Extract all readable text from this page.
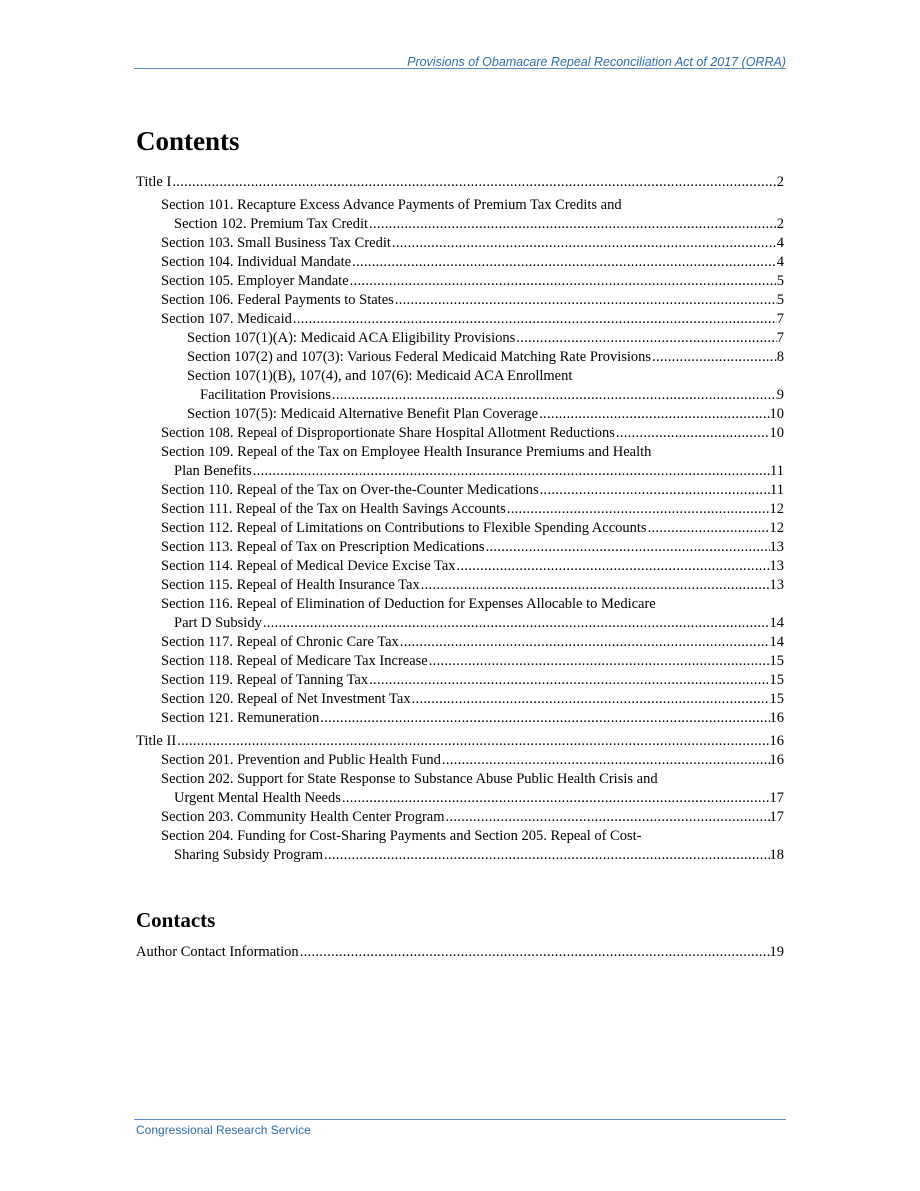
Provisions of Obamacare Repeal Reconciliation Act of 2017 (ORRA)
Contents
Title I .....	2
Section 101. Recapture Excess Advance Payments of Premium Tax Credits and
Section 102. Premium Tax Credit .....	2
Section 103. Small Business Tax Credit .....	4
Section 104. Individual Mandate .....	4
Section 105. Employer Mandate .....	5
Section 106. Federal Payments to States .....	5
Section 107. Medicaid .....	7
Section 107(1)(A): Medicaid ACA Eligibility Provisions .....	7
Section 107(2) and 107(3): Various Federal Medicaid Matching Rate Provisions .....	8
Section 107(1)(B), 107(4), and 107(6): Medicaid ACA Enrollment
Facilitation Provisions .....	9
Section 107(5): Medicaid Alternative Benefit Plan Coverage .....	10
Section 108. Repeal of Disproportionate Share Hospital Allotment Reductions .....	10
Section 109. Repeal of the Tax on Employee Health Insurance Premiums and Health
Plan Benefits .....	11
Section 110. Repeal of the Tax on Over-the-Counter Medications .....	11
Section 111. Repeal of the Tax on Health Savings Accounts .....	12
Section 112. Repeal of Limitations on Contributions to Flexible Spending Accounts .....	12
Section 113. Repeal of Tax on Prescription Medications .....	13
Section 114. Repeal of Medical Device Excise Tax .....	13
Section 115. Repeal of Health Insurance Tax .....	13
Section 116. Repeal of Elimination of Deduction for Expenses Allocable to Medicare
Part D Subsidy .....	14
Section 117. Repeal of Chronic Care Tax .....	14
Section 118. Repeal of Medicare Tax Increase .....	15
Section 119. Repeal of Tanning Tax .....	15
Section 120. Repeal of Net Investment Tax .....	15
Section 121. Remuneration .....	16
Title II .....	16
Section 201. Prevention and Public Health Fund .....	16
Section 202. Support for State Response to Substance Abuse Public Health Crisis and
Urgent Mental Health Needs .....	17
Section 203. Community Health Center Program .....	17
Section 204. Funding for Cost-Sharing Payments and Section 205. Repeal of Cost-
Sharing Subsidy Program .....	18
Contacts
Author Contact Information .....	19
Congressional Research Service
